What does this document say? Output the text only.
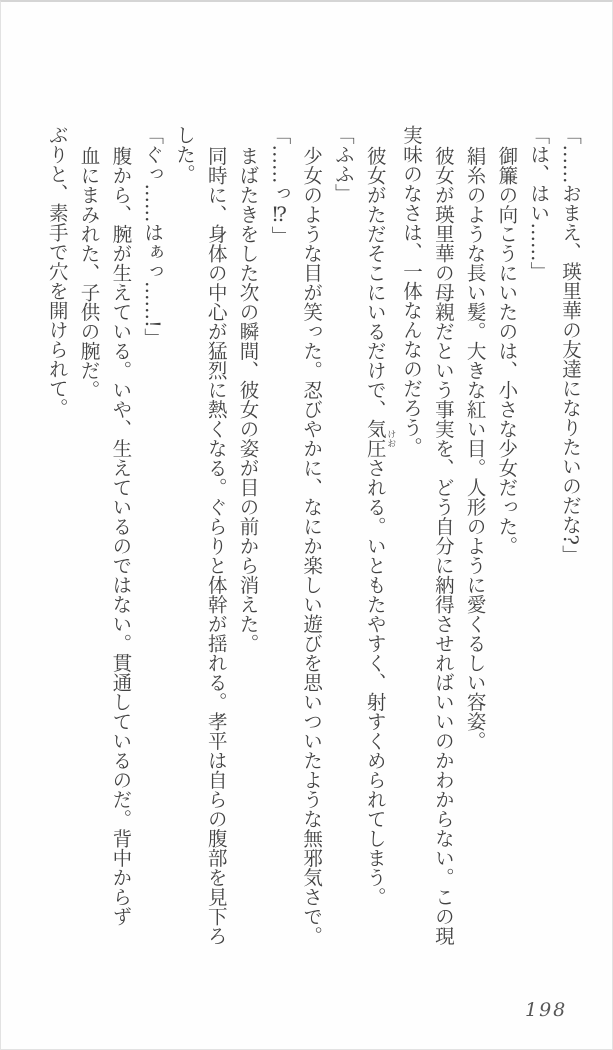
「……おまえ、瑛里華の友達になりたいのだな?」
「は、はい……」
御簾の向こうにいたのは、小さな少女だった。
絹糸のような長い髪。大きな紅い目。人形のように愛くるしい容姿。
彼女が瑛里華の母親だという事実を、どう自分に納得させればいいのかわからない。この現
実味のなさは、一体なんなのだろう。
彼女がただそこにいるだけで、気圧けおされる。いともたやすく、射すくめられてしまう。
「ふふ」
少女のような目が笑った。忍びやかに、なにか楽しい遊びを思いついたような無邪気さで。
「……っ⁉」
まばたきをした次の瞬間、彼女の姿が目の前から消えた。
同時に、身体の中心が猛烈に熱くなる。ぐらりと体幹が揺れる。孝平は自らの腹部を見下ろ
した。
「ぐっ……はぁっ……!」
腹から、腕が生えている。いや、生えているのではない。貫通しているのだ。背中からず
血にまみれた、子供の腕だ。
ぶりと、素手で穴を開けられて。
198
